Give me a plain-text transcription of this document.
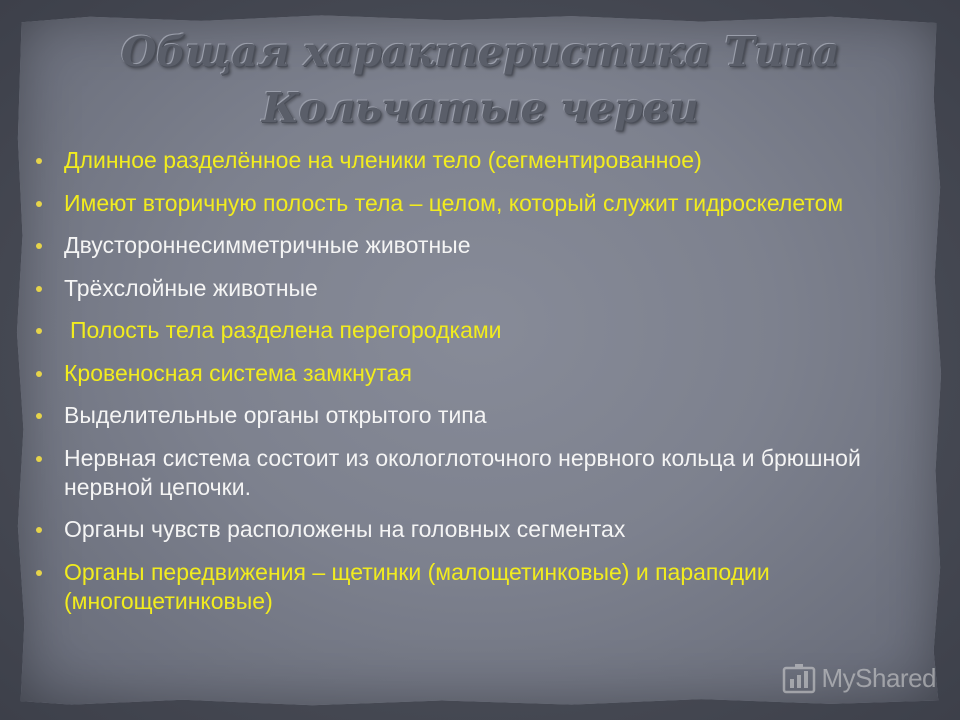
Общая характеристика Типа
Кольчатые черви
Длинное разделённое на членики тело (сегментированное)
Имеют вторичную полость тела – целом, который служит гидроскелетом
Двустороннесимметричные животные
Трёхслойные животные
Полость тела разделена перегородками
Кровеносная система замкнутая
Выделительные органы открытого типа
Нервная система состоит из окологлоточного нервного кольца и брюшной нервной цепочки.
Органы чувств расположены на головных сегментах
Органы передвижения – щетинки (малощетинковые) и параподии (многощетинковые)
MyShared
